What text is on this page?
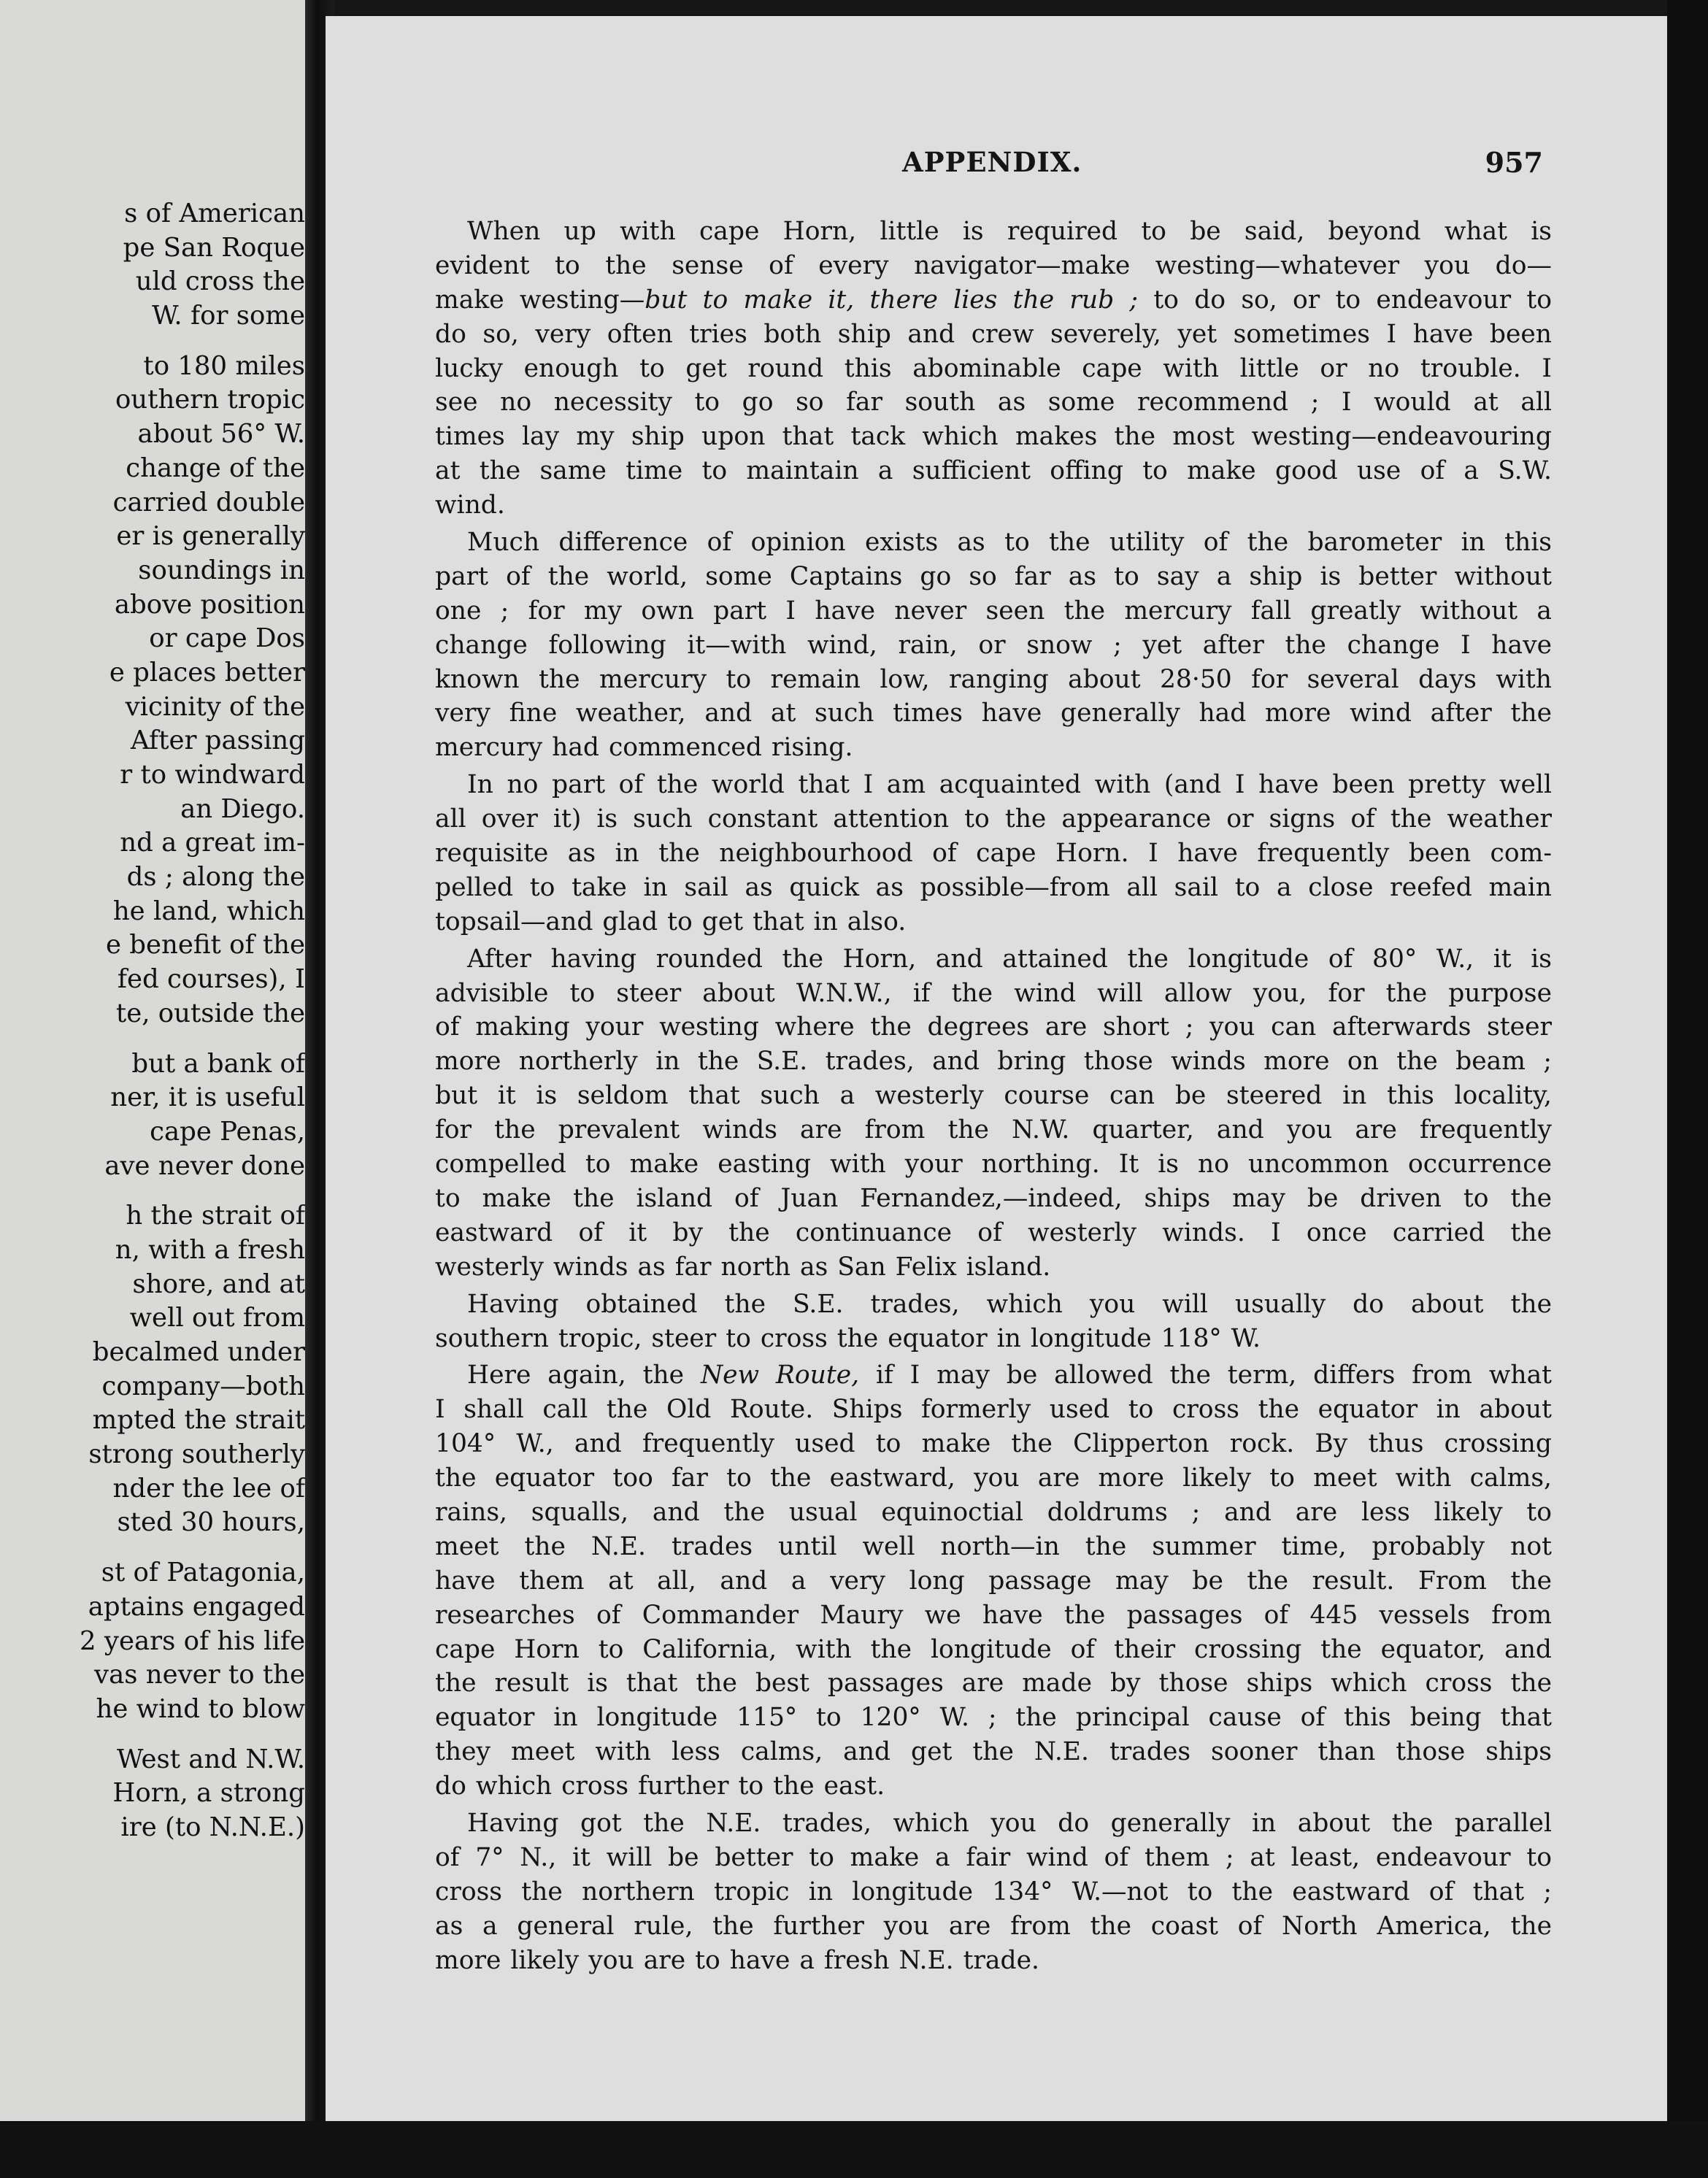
s of American
pe San Roque
uld cross the
W. for some
to 180 miles
outhern tropic
about 56° W.
change of the
carried double
er is generally
soundings in
above position
or cape Dos
e places better
vicinity of the
After passing
r to windward
an Diego.
nd a great im-
ds ; along the
he land, which
e benefit of the
fed courses), I
te, outside the
but a bank of
ner, it is useful
cape Penas,
ave never done
h the strait of
n, with a fresh
shore, and at
well out from
becalmed under
company—both
mpted the strait
strong southerly
nder the lee of
sted 30 hours,
st of Patagonia,
aptains engaged
2 years of his life
vas never to the
he wind to blow
West and N.W.
Horn, a strong
ire (to N.N.E.)
APPENDIX.	957

When up with cape Horn, little is required to be said, beyond what is
evident to the sense of every navigator—make westing—whatever you do—
make westing—but to make it, there lies the rub ; to do so, or to endeavour to
do so, very often tries both ship and crew severely, yet sometimes I have been
lucky enough to get round this abominable cape with little or no trouble. I
see no necessity to go so far south as some recommend ; I would at all
times lay my ship upon that tack which makes the most westing—endeavouring
at the same time to maintain a sufficient offing to make good use of a S.W.
wind.

Much difference of opinion exists as to the utility of the barometer in this
part of the world, some Captains go so far as to say a ship is better without
one ; for my own part I have never seen the mercury fall greatly without a
change following it—with wind, rain, or snow ; yet after the change I have
known the mercury to remain low, ranging about 28·50 for several days with
very fine weather, and at such times have generally had more wind after the
mercury had commenced rising.

In no part of the world that I am acquainted with (and I have been pretty well
all over it) is such constant attention to the appearance or signs of the weather
requisite as in the neighbourhood of cape Horn. I have frequently been com-
pelled to take in sail as quick as possible—from all sail to a close reefed main
topsail—and glad to get that in also.

After having rounded the Horn, and attained the longitude of 80° W., it is
advisible to steer about W.N.W., if the wind will allow you, for the purpose
of making your westing where the degrees are short ; you can afterwards steer
more northerly in the S.E. trades, and bring those winds more on the beam ;
but it is seldom that such a westerly course can be steered in this locality,
for the prevalent winds are from the N.W. quarter, and you are frequently
compelled to make easting with your northing. It is no uncommon occurrence
to make the island of Juan Fernandez,—indeed, ships may be driven to the
eastward of it by the continuance of westerly winds. I once carried the
westerly winds as far north as San Felix island.

Having obtained the S.E. trades, which you will usually do about the
southern tropic, steer to cross the equator in longitude 118° W.

Here again, the New Route, if I may be allowed the term, differs from what
I shall call the Old Route. Ships formerly used to cross the equator in about
104° W., and frequently used to make the Clipperton rock. By thus crossing
the equator too far to the eastward, you are more likely to meet with calms,
rains, squalls, and the usual equinoctial doldrums ; and are less likely to
meet the N.E. trades until well north—in the summer time, probably not
have them at all, and a very long passage may be the result. From the
researches of Commander Maury we have the passages of 445 vessels from
cape Horn to California, with the longitude of their crossing the equator, and
the result is that the best passages are made by those ships which cross the
equator in longitude 115° to 120° W. ; the principal cause of this being that
they meet with less calms, and get the N.E. trades sooner than those ships
do which cross further to the east.

Having got the N.E. trades, which you do generally in about the parallel
of 7° N., it will be better to make a fair wind of them ; at least, endeavour to
cross the northern tropic in longitude 134° W.—not to the eastward of that ;
as a general rule, the further you are from the coast of North America, the
more likely you are to have a fresh N.E. trade.
